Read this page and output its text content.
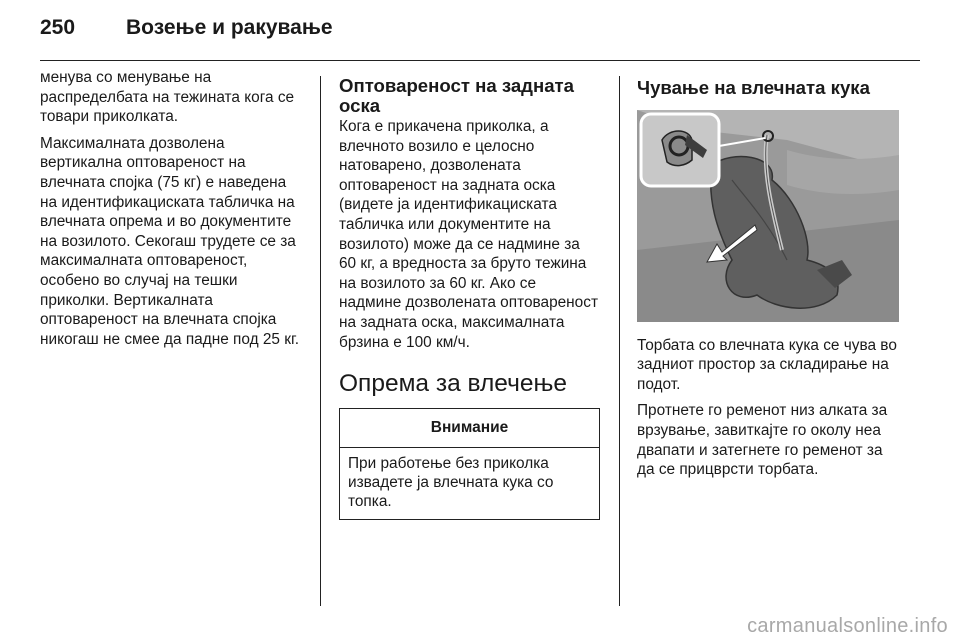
250	Возење и ракување

менува со менување на распределбата на тежината кога се товари приколката.

Максималната дозволена вертикална оптовареност на влечната спојка (75 кг) е наведена на идентификациската табличка на влечната опрема и во документите на возилото. Секогаш трудете се за максималната оптовареност, особено во случај на тешки приколки. Вертикалната оптовареност на влечната спојка никогаш не смее да падне под 25 кг.

Оптовареност на задната оска

Кога е прикачена приколка, а влечното возило е целосно натоварено, дозволената оптовареност на задната оска (видете ја идентификациската табличка или документите на возилото) може да се надмине за 60 кг, а вредноста за бруто тежина на возилото за 60 кг. Ако се надмине дозволената оптовареност на задната оска, максималната брзина е 100 км/ч.

Опрема за влечење
Внимание
При работење без приколка извадете ја влечната кука со топка.
Чување на влечната кука

Торбата со влечната кука се чува во задниот простор за складирање на подот.

Протнете го ременот низ алката за врзување, завиткајте го околу неа двапати и затегнете го ременот за да се прицврсти торбата.

carmanualsonline.info
